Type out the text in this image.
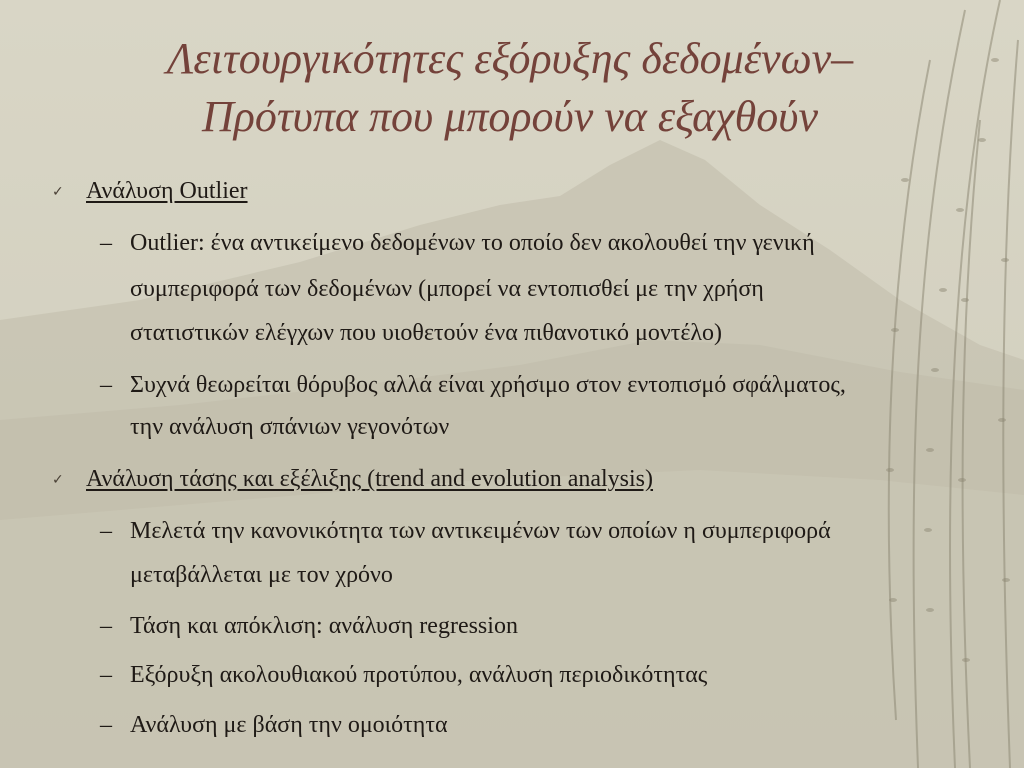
Λειτουργικότητες εξόρυξης δεδομένων–
Πρότυπα που μπορούν να εξαχθούν
✓ Ανάλυση Outlier
– Outlier: ένα αντικείμενο δεδομένων το οποίο δεν ακολουθεί την γενική
συμπεριφορά των δεδομένων (μπορεί να εντοπισθεί με την χρήση
στατιστικών ελέγχων που υιοθετούν ένα πιθανοτικό μοντέλο)
– Συχνά θεωρείται θόρυβος αλλά είναι χρήσιμο στον εντοπισμό σφάλματος,
την ανάλυση σπάνιων γεγονότων
✓ Ανάλυση τάσης και εξέλιξης (trend and evolution analysis)
– Μελετά την κανονικότητα των αντικειμένων των οποίων η συμπεριφορά
μεταβάλλεται με τον χρόνο
– Τάση και απόκλιση: ανάλυση regression
– Εξόρυξη ακολουθιακού προτύπου, ανάλυση περιοδικότητας
– Ανάλυση με βάση την ομοιότητα
